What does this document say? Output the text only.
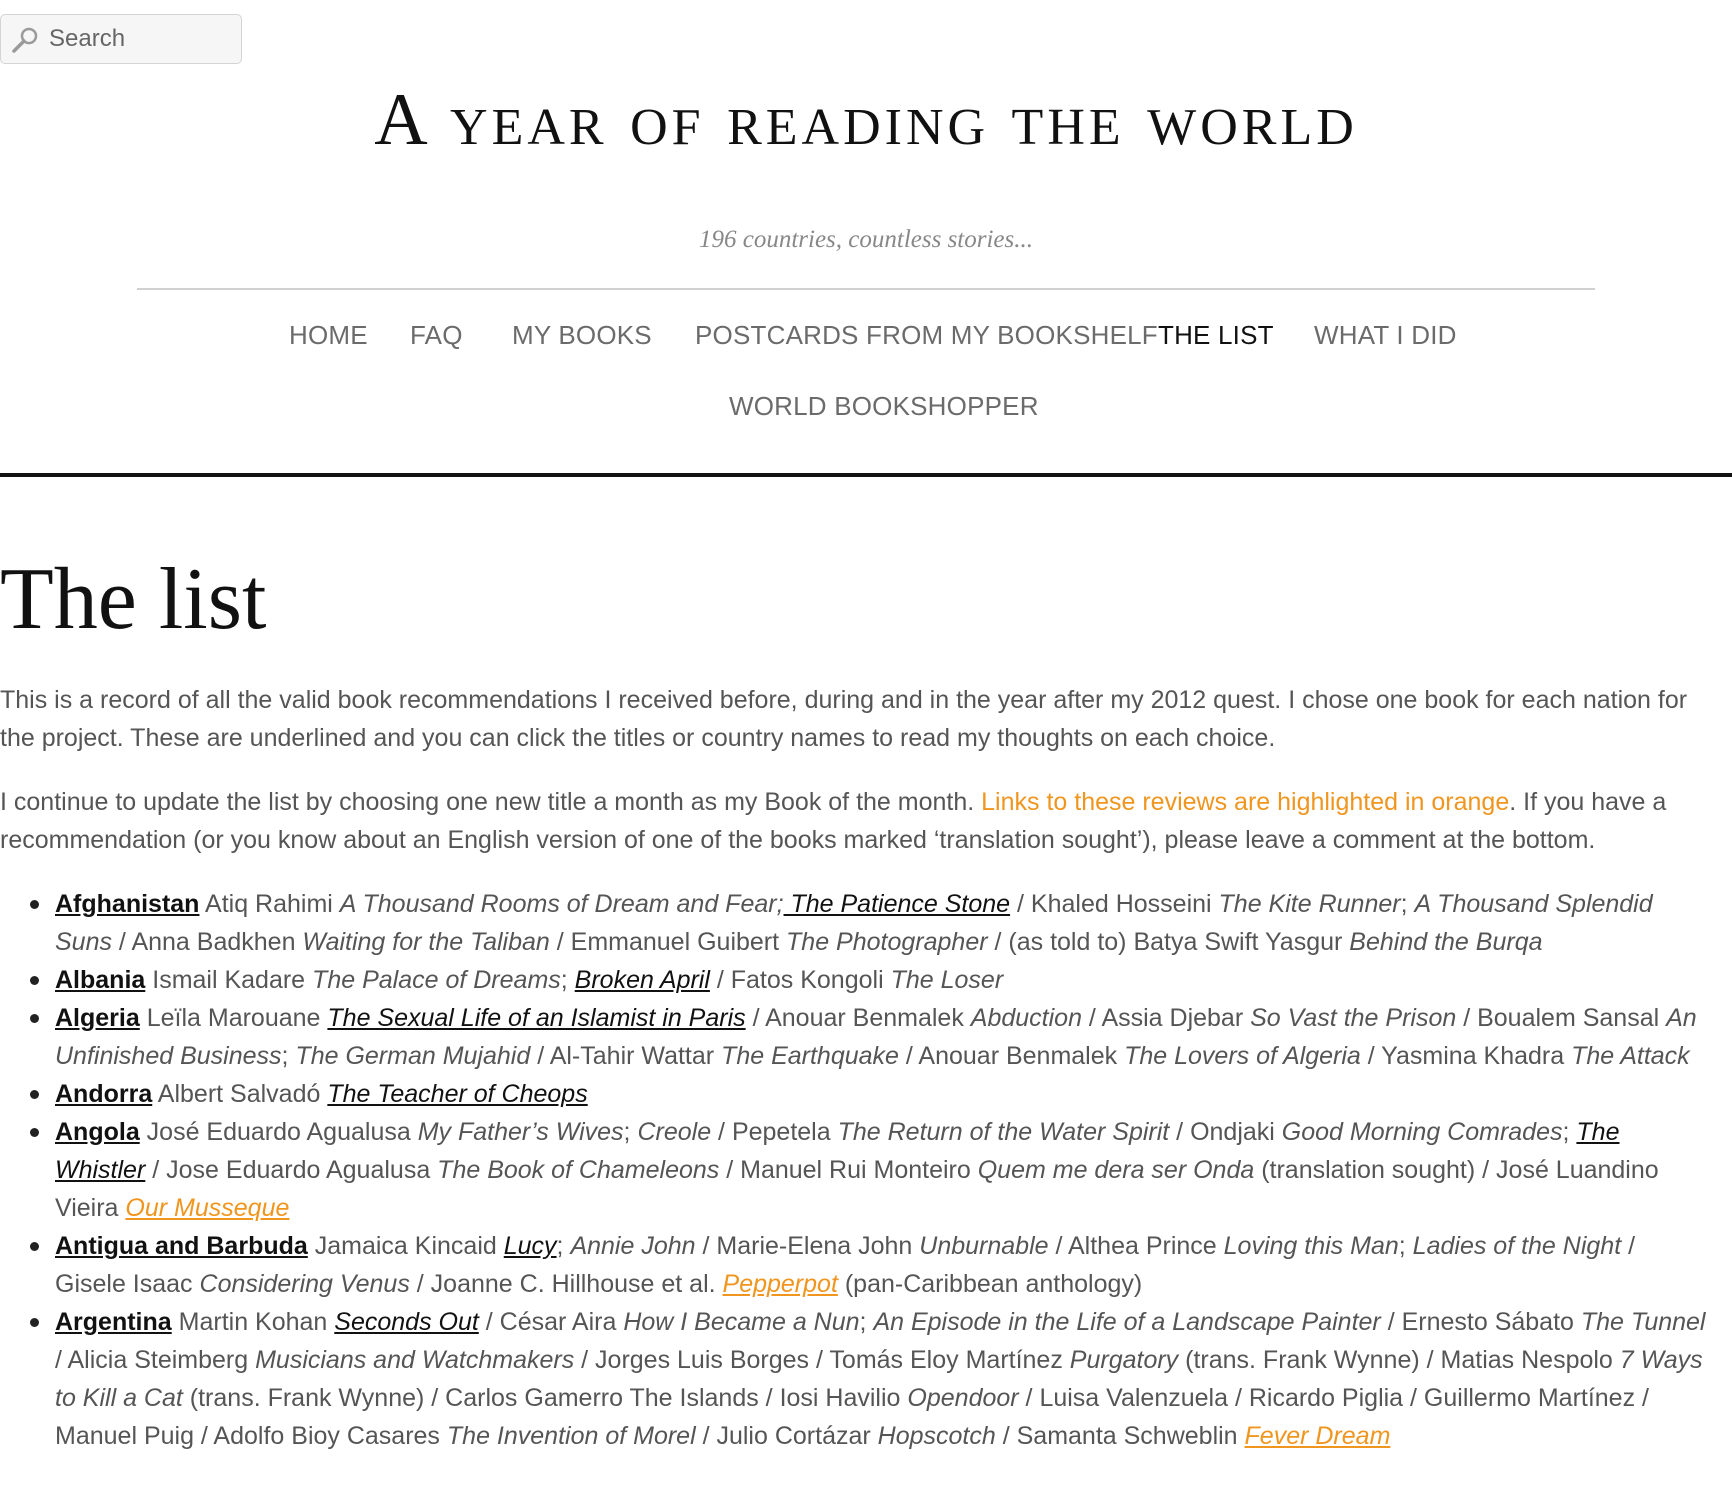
Search
A year of reading the world

196 countries, countless stories...

HOME FAQ MY BOOKS POSTCARDS FROM MY BOOKSHELF THE LIST WHAT I DID
WORLD BOOKSHOPPER
The list

This is a record of all the valid book recommendations I received before, during and in the year after my 2012 quest. I chose one book for each nation for the project. These are underlined and you can click the titles or country names to read my thoughts on each choice.

I continue to update the list by choosing one new title a month as my Book of the month. Links to these reviews are highlighted in orange. If you have a recommendation (or you know about an English version of one of the books marked ‘translation sought’), please leave a comment at the bottom.

Afghanistan Atiq Rahimi A Thousand Rooms of Dream and Fear; The Patience Stone / Khaled Hosseini The Kite Runner; A Thousand Splendid Suns / Anna Badkhen Waiting for the Taliban / Emmanuel Guibert The Photographer / (as told to) Batya Swift Yasgur Behind the Burqa
Albania Ismail Kadare The Palace of Dreams; Broken April / Fatos Kongoli The Loser
Algeria Leïla Marouane The Sexual Life of an Islamist in Paris / Anouar Benmalek Abduction / Assia Djebar So Vast the Prison / Boualem Sansal An Unfinished Business; The German Mujahid / Al-Tahir Wattar The Earthquake / Anouar Benmalek The Lovers of Algeria / Yasmina Khadra The Attack
Andorra Albert Salvadó The Teacher of Cheops
Angola José Eduardo Agualusa My Father’s Wives; Creole / Pepetela The Return of the Water Spirit / Ondjaki Good Morning Comrades; The Whistler / Jose Eduardo Agualusa The Book of Chameleons / Manuel Rui Monteiro Quem me dera ser Onda (translation sought) / José Luandino Vieira Our Musseque
Antigua and Barbuda Jamaica Kincaid Lucy; Annie John / Marie-Elena John Unburnable / Althea Prince Loving this Man; Ladies of the Night / Gisele Isaac Considering Venus / Joanne C. Hillhouse et al. Pepperpot (pan-Caribbean anthology)
Argentina Martin Kohan Seconds Out / César Aira How I Became a Nun; An Episode in the Life of a Landscape Painter / Ernesto Sábato The Tunnel / Alicia Steimberg Musicians and Watchmakers / Jorges Luis Borges / Tomás Eloy Martínez Purgatory (trans. Frank Wynne) / Matias Nespolo 7 Ways to Kill a Cat (trans. Frank Wynne) / Carlos Gamerro The Islands / Iosi Havilio Opendoor / Luisa Valenzuela / Ricardo Piglia / Guillermo Martínez / Manuel Puig / Adolfo Bioy Casares The Invention of Morel / Julio Cortázar Hopscotch / Samanta Schweblin Fever Dream
